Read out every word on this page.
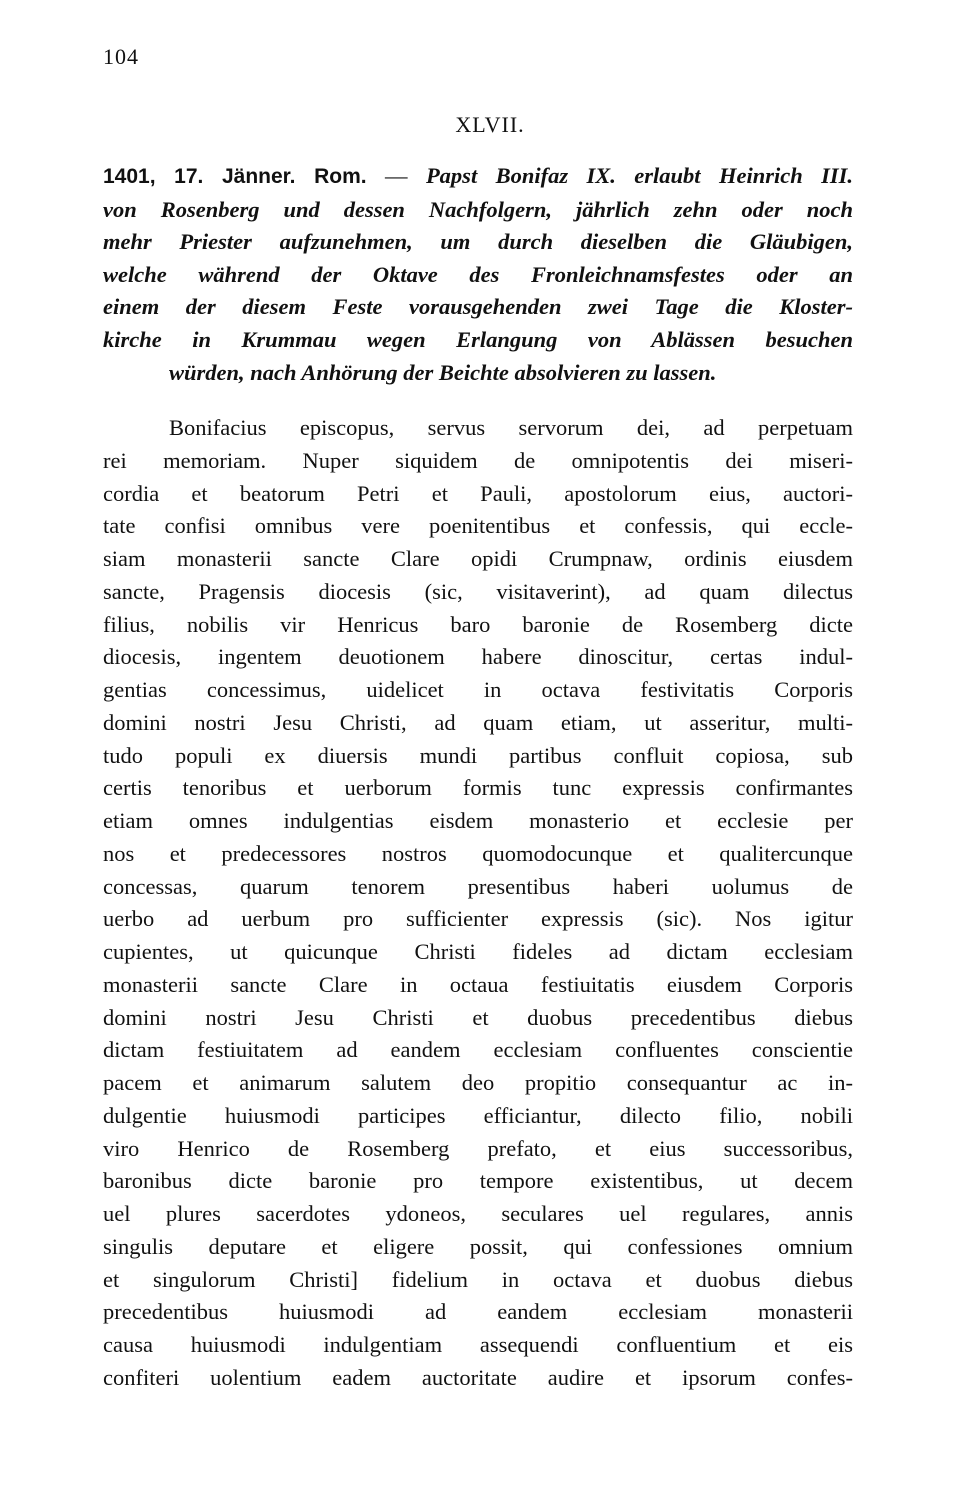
104
XLVII.
1401, 17. Jänner. Rom. — Papst Bonifaz IX. erlaubt Heinrich III.
von Rosenberg und dessen Nachfolgern, jährlich zehn oder noch
mehr Priester aufzunehmen, um durch dieselben die Gläubigen,
welche während der Oktave des Fronleichnamsfestes oder an
einem der diesem Feste vorausgehenden zwei Tage die Kloster-
kirche in Krummau wegen Erlangung von Ablässen besuchen
würden, nach Anhörung der Beichte absolvieren zu lassen.
Bonifacius episcopus, servus servorum dei, ad perpetuam
rei memoriam. Nuper siquidem de omnipotentis dei miseri-
cordia et beatorum Petri et Pauli, apostolorum eius, auctori-
tate confisi omnibus vere poenitentibus et confessis, qui eccle-
siam monasterii sancte Clare opidi Crumpnaw, ordinis eiusdem
sancte, Pragensis diocesis (sic, visitaverint), ad quam dilectus
filius, nobilis vir Henricus baro baronie de Rosemberg dicte
diocesis, ingentem deuotionem habere dinoscitur, certas indul-
gentias concessimus, uidelicet in octava festivitatis Corporis
domini nostri Jesu Christi, ad quam etiam, ut asseritur, multi-
tudo populi ex diuersis mundi partibus confluit copiosa, sub
certis tenoribus et uerborum formis tunc expressis confirmantes
etiam omnes indulgentias eisdem monasterio et ecclesie per
nos et predecessores nostros quomodocunque et qualitercunque
concessas, quarum tenorem presentibus haberi uolumus de
uerbo ad uerbum pro sufficienter expressis (sic). Nos igitur
cupientes, ut quicunque Christi fideles ad dictam ecclesiam
monasterii sancte Clare in octaua festiuitatis eiusdem Corporis
domini nostri Jesu Christi et duobus precedentibus diebus
dictam festiuitatem ad eandem ecclesiam confluentes conscientie
pacem et animarum salutem deo propitio consequantur ac in-
dulgentie huiusmodi participes efficiantur, dilecto filio, nobili
viro Henrico de Rosemberg prefato, et eius successoribus,
baronibus dicte baronie pro tempore existentibus, ut decem
uel plures sacerdotes ydoneos, seculares uel regulares, annis
singulis deputare et eligere possit, qui confessiones omnium
et singulorum Christi] fidelium in octava et duobus diebus
precedentibus huiusmodi ad eandem ecclesiam monasterii
causa huiusmodi indulgentiam assequendi confluentium et eis
confiteri uolentium eadem auctoritate audire et ipsorum confes-
